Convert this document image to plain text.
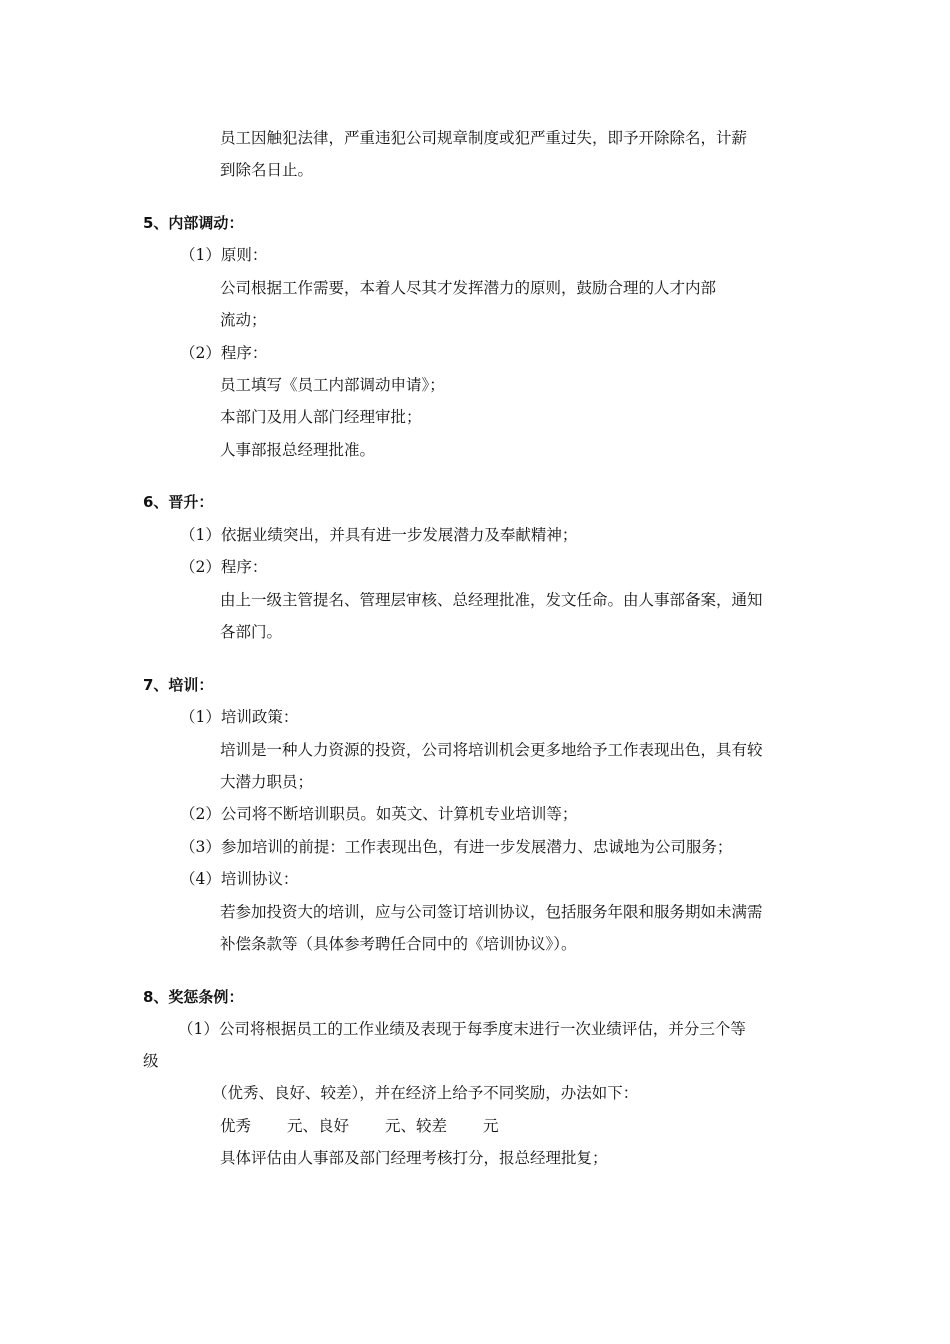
员工因触犯法律，严重违犯公司规章制度或犯严重过失，即予开除除名，计薪
到除名日止。
5、内部调动：
（1）原则：
公司根据工作需要，本着人尽其才发挥潜力的原则，鼓励合理的人才内部
流动；
（2）程序：
员工填写《员工内部调动申请》；
本部门及用人部门经理审批；
人事部报总经理批准。
6、晋升：
（1）依据业绩突出，并具有进一步发展潜力及奉献精神；
（2）程序：
由上一级主管提名、管理层审核、总经理批准，发文任命。由人事部备案，通知
各部门。
7、培训：
（1）培训政策：
培训是一种人力资源的投资，公司将培训机会更多地给予工作表现出色，具有较
大潜力职员；
（2）公司将不断培训职员。如英文、计算机专业培训等；
（3）参加培训的前提：工作表现出色，有进一步发展潜力、忠诚地为公司服务；
（4）培训协议：
若参加投资大的培训，应与公司签订培训协议，包括服务年限和服务期如未满需
补偿条款等（具体参考聘任合同中的《培训协议》）。
8、奖惩条例：
（1）公司将根据员工的工作业绩及表现于每季度末进行一次业绩评估，并分三个等
级
（优秀、良好、较差），并在经济上给予不同奖励，办法如下：
优秀 元、良好 元、较差 元
具体评估由人事部及部门经理考核打分，报总经理批复；
